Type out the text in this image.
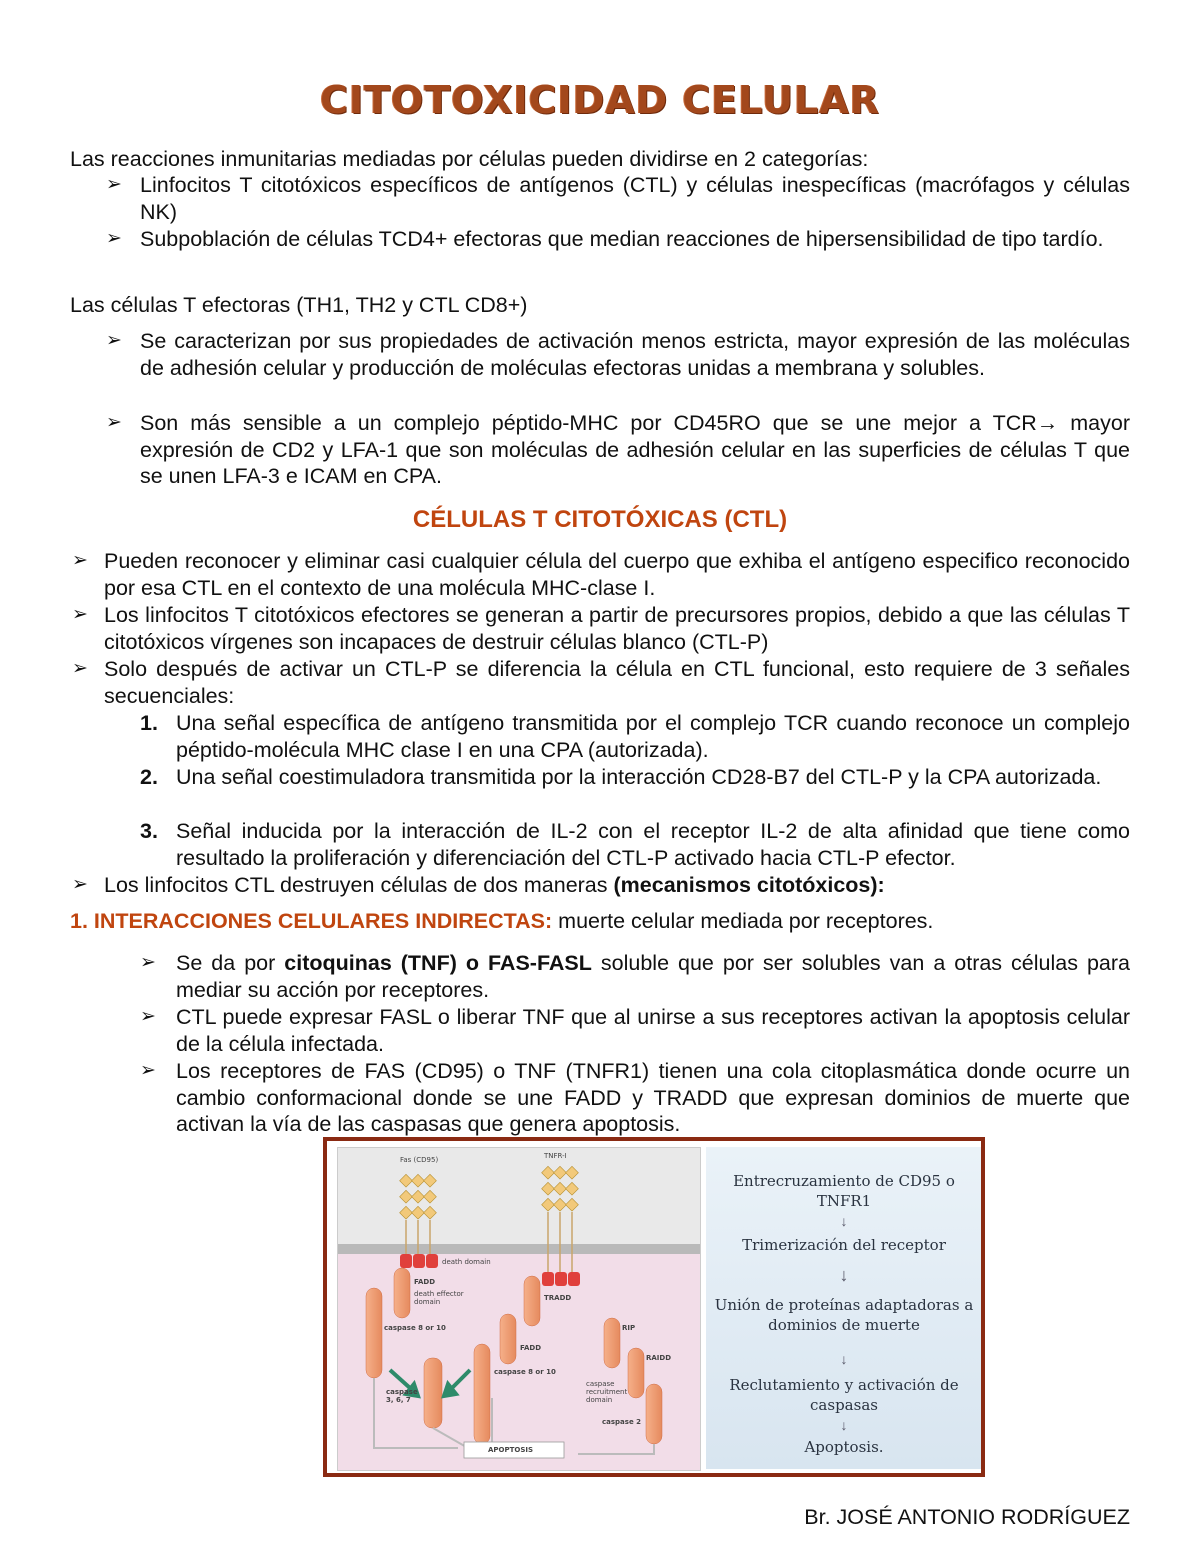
CITOTOXICIDAD CELULAR
Las reacciones inmunitarias mediadas por células pueden dividirse en 2 categorías:
➢ Linfocitos T citotóxicos específicos de antígenos (CTL) y células inespecíficas (macrófagos y células NK)
➢ Subpoblación de células TCD4+ efectoras que median reacciones de hipersensibilidad de tipo tardío.
Las células T efectoras (TH1, TH2 y CTL CD8+)
➢ Se caracterizan por sus propiedades de activación menos estricta, mayor expresión de las moléculas de adhesión celular y producción de moléculas efectoras unidas a membrana y solubles.
➢ Son más sensible a un complejo péptido-MHC por CD45RO que se une mejor a TCR→ mayor expresión de CD2 y LFA-1 que son moléculas de adhesión celular en las superficies de células T que se unen LFA-3 e ICAM en CPA.
CÉLULAS T CITOTÓXICAS (CTL)
➢ Pueden reconocer y eliminar casi cualquier célula del cuerpo que exhiba el antígeno especifico reconocido por esa CTL en el contexto de una molécula MHC-clase I.
➢ Los linfocitos T citotóxicos efectores se generan a partir de precursores propios, debido a que las células T citotóxicos vírgenes son incapaces de destruir células blanco (CTL-P)
➢ Solo después de activar un CTL-P se diferencia la célula en CTL funcional, esto requiere de 3 señales secuenciales:
1. Una señal específica de antígeno transmitida por el complejo TCR cuando reconoce un complejo péptido-molécula MHC clase I en una CPA (autorizada).
2. Una señal coestimuladora transmitida por la interacción CD28-B7 del CTL-P y la CPA autorizada.
3. Señal inducida por la interacción de IL-2 con el receptor IL-2 de alta afinidad que tiene como resultado la proliferación y diferenciación del CTL-P activado hacia CTL-P efector.
➢ Los linfocitos CTL destruyen células de dos maneras (mecanismos citotóxicos):
1. INTERACCIONES CELULARES INDIRECTAS: muerte celular mediada por receptores.
➢ Se da por citoquinas (TNF) o FAS-FASL soluble que por ser solubles van a otras células para mediar su acción por receptores.
➢ CTL puede expresar FASL o liberar TNF que al unirse a sus receptores activan la apoptosis celular de la célula infectada.
➢ Los receptores de FAS (CD95) o TNF (TNFR1) tienen una cola citoplasmática donde ocurre un cambio conformacional donde se une FADD y TRADD que expresan dominios de muerte que activan la vía de las caspasas que genera apoptosis.
Fas (CD95)	TNFR-I
death domain
FADD
death effector domain
caspase 8 or 10
caspase 3, 6, 7
TRADD
FADD
caspase 8 or 10
RIP
RAIDD
caspase recruitment domain
caspase 2
APOPTOSIS
Entrecruzamiento de CD95 o TNFR1
↓
Trimerización del receptor
↓
Unión de proteínas adaptadoras a dominios de muerte
↓
Reclutamiento y activación de caspasas
↓
Apoptosis.
Br. JOSÉ ANTONIO RODRÍGUEZ
